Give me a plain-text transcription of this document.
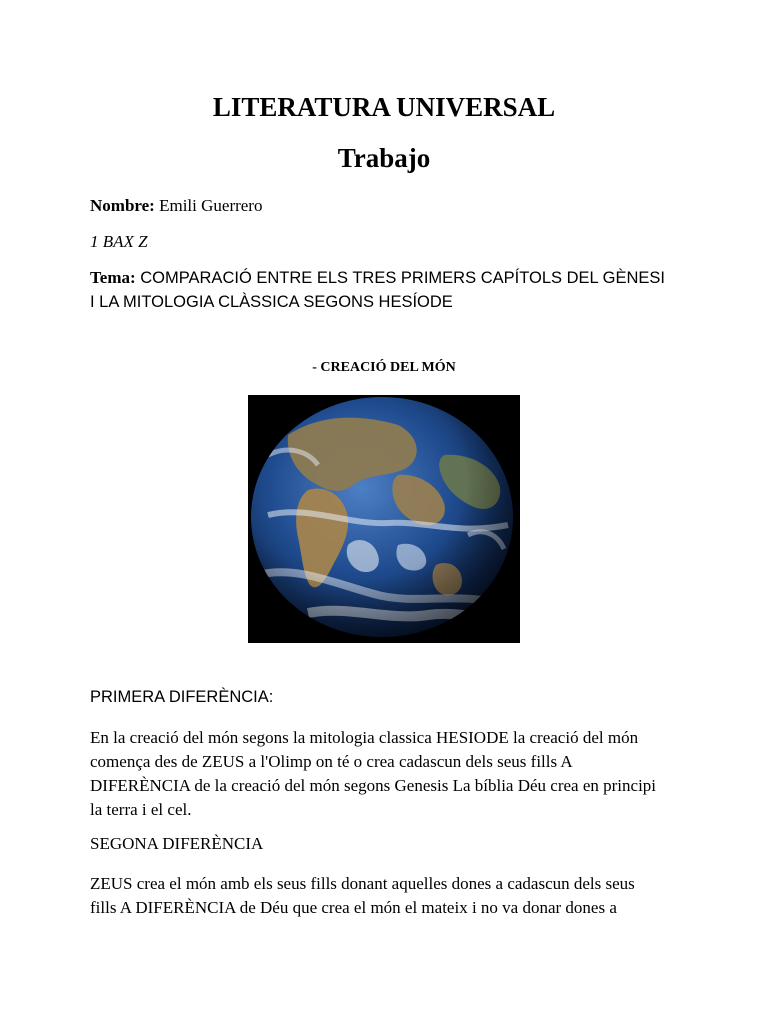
LITERATURA UNIVERSAL
Trabajo

Nombre: Emili Guerrero

1 BAX Z

Tema: COMPARACIÓ ENTRE ELS TRES PRIMERS CAPÍTOLS DEL GÈNESI
I LA MITOLOGIA CLÀSSICA SEGONS HESÍODE

- CREACIÓ DEL MÓN

PRIMERA DIFERÈNCIA:

En la creació del món segons la mitologia classica HESIODE la creació del món
comença des de ZEUS a l'Olimp on té o crea cadascun dels seus fills A
DIFERÈNCIA de la creació del món segons Genesis La bíblia Déu crea en principi
la terra i el cel.

SEGONA DIFERÈNCIA

ZEUS crea el món amb els seus fills donant aquelles dones a cadascun dels seus
fills A DIFERÈNCIA de Déu que crea el món el mateix i no va donar dones a
